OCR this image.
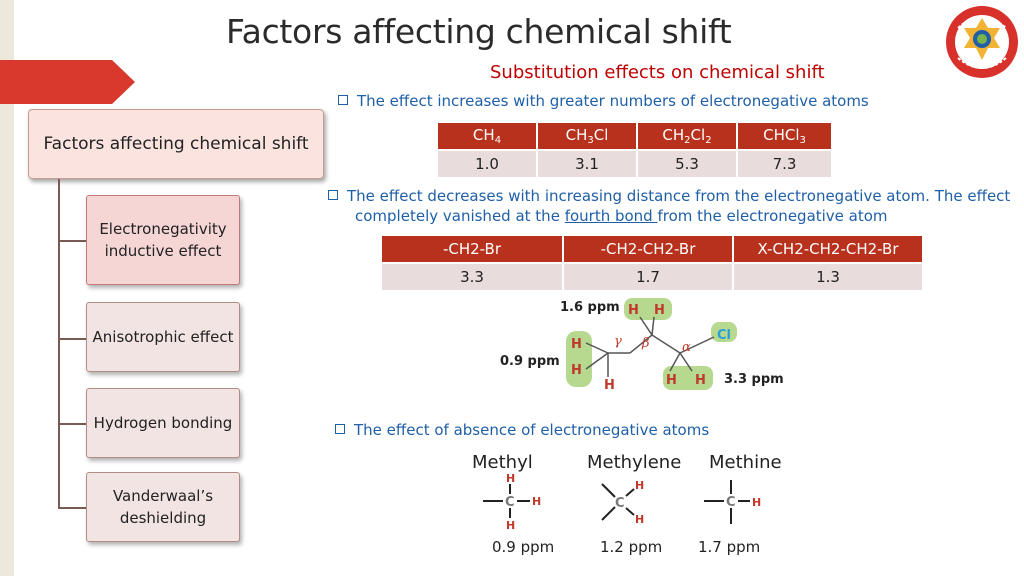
Factors affecting chemical shift
Substitution effects on chemical shift
Factors affecting chemical shift
Electronegativity inductive effect
Anisotrophic effect
Hydrogen bonding
Vanderwaal’s deshielding
The effect increases with greater numbers of electronegative atoms
$CH_4$	$CH_3Cl$	$CH_2Cl_2$	CHCl$_3$
1.0	3.1	5.3	7.3
The effect decreases with increasing distance from the electronegative atom. The effect completely vanished at the fourth bond from the electronegative atom
-CH2-Br	-CH2-CH2-Br	X-CH2-CH2-CH2-Br
3.3	1.7	1.3
1.6 ppm
0.9 ppm
3.3 ppm
H H
H
H
H	H H
Cl
γ β α
The effect of absence of electronegative atoms
Methyl	Methylene Methine
C
H
H
H
C
H
H
C H
0.9 ppm	1.2 ppm 1.7 ppm
